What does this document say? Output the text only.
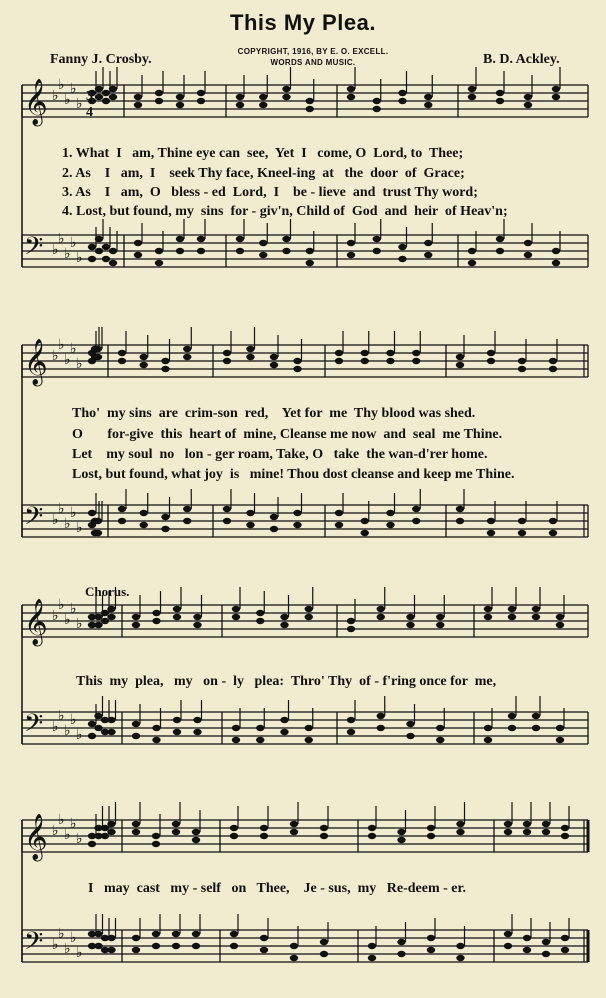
This My Plea.
Fanny J. Crosby.
COPYRIGHT, 1916, BY E. O. EXCELL.
WORDS AND MUSIC.	B. D. Ackley.
𝄞
𝄢
♭
♭
♭
♭
♭
♭
♭
♭
♭
♭
𝄞
𝄢
♭
♭
♭
♭
♭
♭
♭
♭
♭
♭
𝄞
𝄢
♭
♭
♭
♭
♭
♭
♭
♭
♭
♭
𝄞
𝄢
♭
♭
♭
♭
♭
♭
♭
♭
♭
♭
3
4
1. What  I   am, Thine eye can  see,  Yet  I   come, O  Lord, to  Thee;
2. As    I   am,  I    seek Thy face, Kneel-ing  at   the  door  of  Grace;
3. As    I   am,  O   bless - ed  Lord,  I    be - lieve  and  trust Thy word;
4. Lost, but found, my  sins  for - giv'n, Child of  God  and  heir  of Heav'n;
Tho'  my sins  are  crim-son  red,    Yet for  me  Thy blood was shed.
O       for-give  this  heart of  mine, Cleanse me now  and  seal  me Thine.
Let    my soul  no   lon - ger roam, Take, O   take  the wan-d'rer home.
Lost, but found, what joy  is   mine! Thou dost cleanse and keep me Thine.
Chorus.
This  my  plea,   my   on -  ly   plea:  Thro' Thy  of - f'ring once for  me,
I   may  cast   my - self   on   Thee,    Je - sus,  my   Re-deem - er.
